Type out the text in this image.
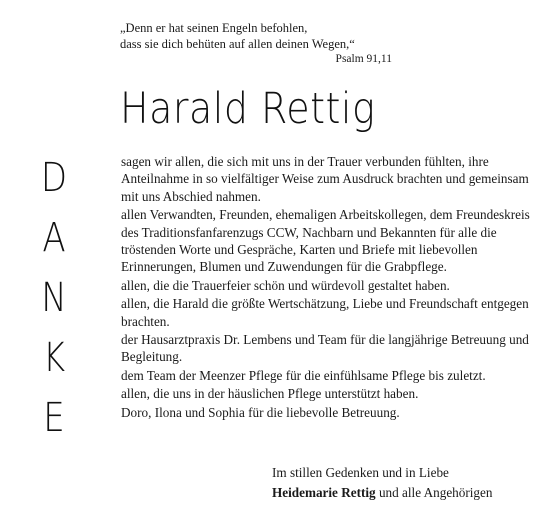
„Denn er hat seinen Engeln befohlen,
dass sie dich behüten auf allen deinen Wegen,“
Psalm 91,11
Harald Rettig
D
A
N
K
E

sagen wir allen, die sich mit uns in der Trauer verbunden fühlten, ihre Anteilnahme in so vielfältiger Weise zum Ausdruck brachten und gemeinsam mit uns Abschied nahmen.

allen Verwandten, Freunden, ehemaligen Arbeitskollegen, dem Freundeskreis des Traditionsfanfarenzugs CCW, Nachbarn und Bekannten für alle die tröstenden Worte und Gespräche, Karten und Briefe mit liebevollen Erinnerungen, Blumen und Zuwendungen für die Grabpflege.

allen, die die Trauerfeier schön und würdevoll gestaltet haben.

allen, die Harald die größte Wertschätzung, Liebe und Freundschaft entgegen brachten.

der Hausarztpraxis Dr. Lembens und Team für die langjährige Betreuung und Begleitung.

dem Team der Meenzer Pflege für die einfühlsame Pflege bis zuletzt.

allen, die uns in der häuslichen Pflege unterstützt haben.

Doro, Ilona und Sophia für die liebevolle Betreuung.

Im stillen Gedenken und in Liebe
Heidemarie Rettig und alle Angehörigen
